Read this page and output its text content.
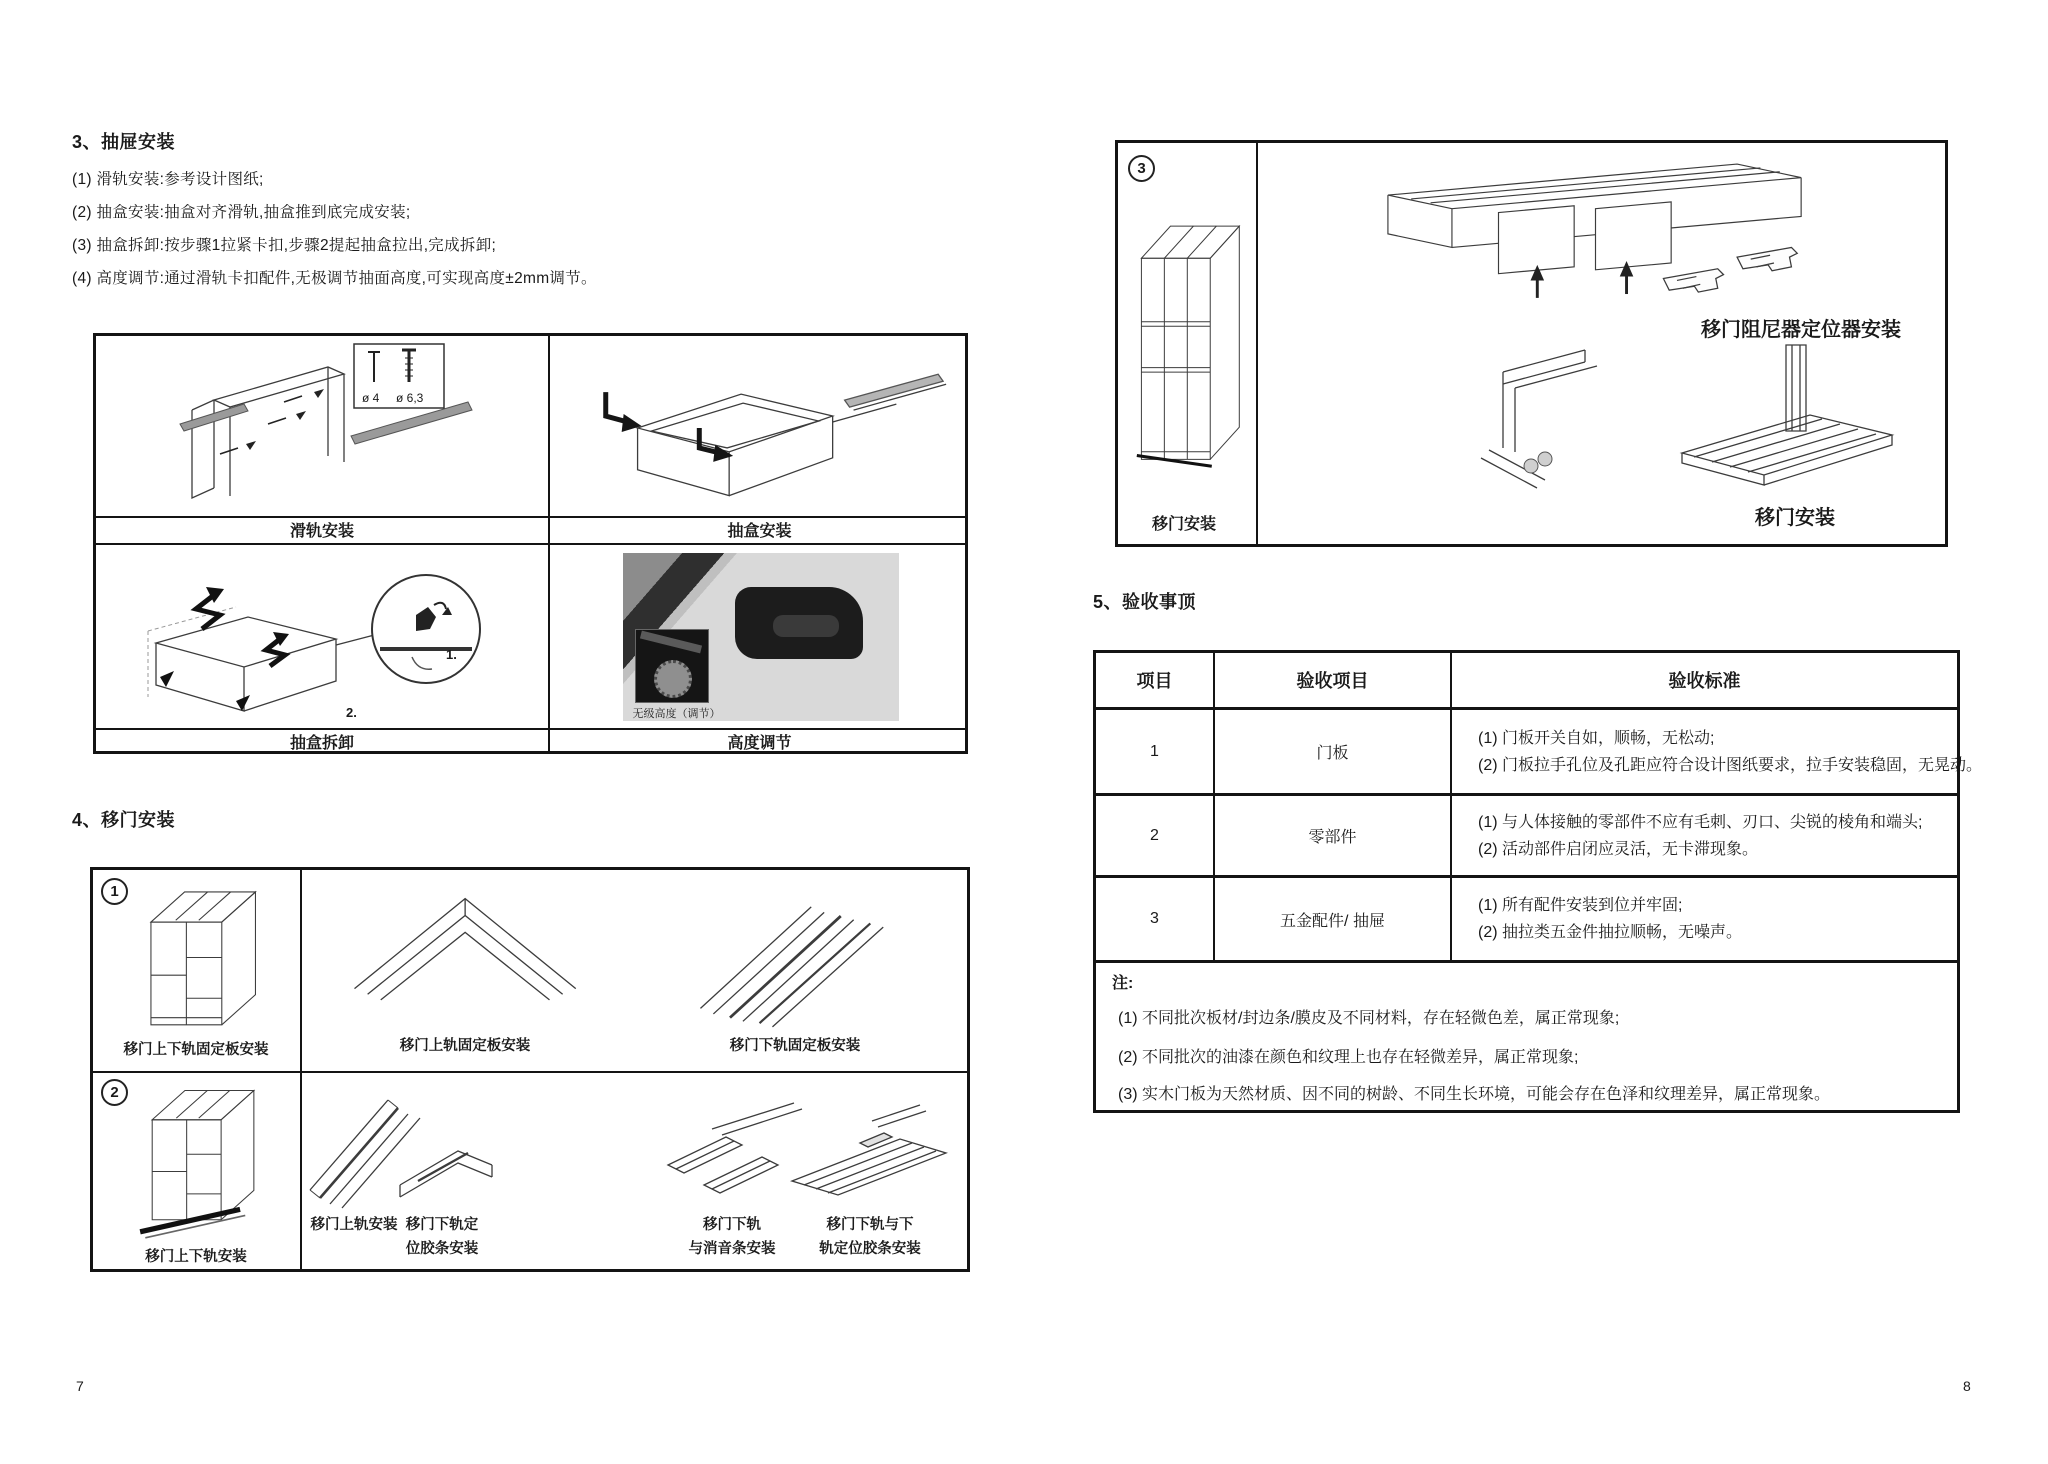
3、抽屉安装
(1) 滑轨安装:参考设计图纸;
(2) 抽盒安装:抽盒对齐滑轨,抽盒推到底完成安装;
(3) 抽盒拆卸:按步骤1拉紧卡扣,步骤2提起抽盒拉出,完成拆卸;
(4) 高度调节:通过滑轨卡扣配件,无极调节抽面高度,可实现高度±2mm调节。
ø 4 ø 6,3
滑轨安装	抽盒安装
1.
2.	无级高度（调节）
抽盒拆卸	高度调节
4、移门安装
1
移门上下轨固定板安装	移门上轨固定板安装	移门下轨固定板安装
2
移门上下轨安装
移门上轨安装 移门下轨定
位胶条安装
移门下轨
与消音条安装
移门下轨与下
轨定位胶条安装
3
移门安装
移门阻尼器定位器安装
移门安装
5、验收事顶
项目	验收项目	验收标准
1	门板
(1) 门板开关自如，顺畅，无松动;
(2) 门板拉手孔位及孔距应符合设计图纸要求，拉手安装稳固，无晃动。
2	零部件
(1) 与人体接触的零部件不应有毛刺、刃口、尖锐的棱角和端头;
(2) 活动部件启闭应灵活，无卡滞现象。
3	五金配件/ 抽屉
(1) 所有配件安装到位并牢固;
(2) 抽拉类五金件抽拉顺畅，无噪声。
注:
(1) 不同批次板材/封边条/膜皮及不同材料，存在轻微色差，属正常现象;
(2) 不同批次的油漆在颜色和纹理上也存在轻微差异，属正常现象;
(3) 实木门板为天然材质、因不同的树龄、不同生长环境，可能会存在色泽和纹理差异，属正常现象。
7	8
